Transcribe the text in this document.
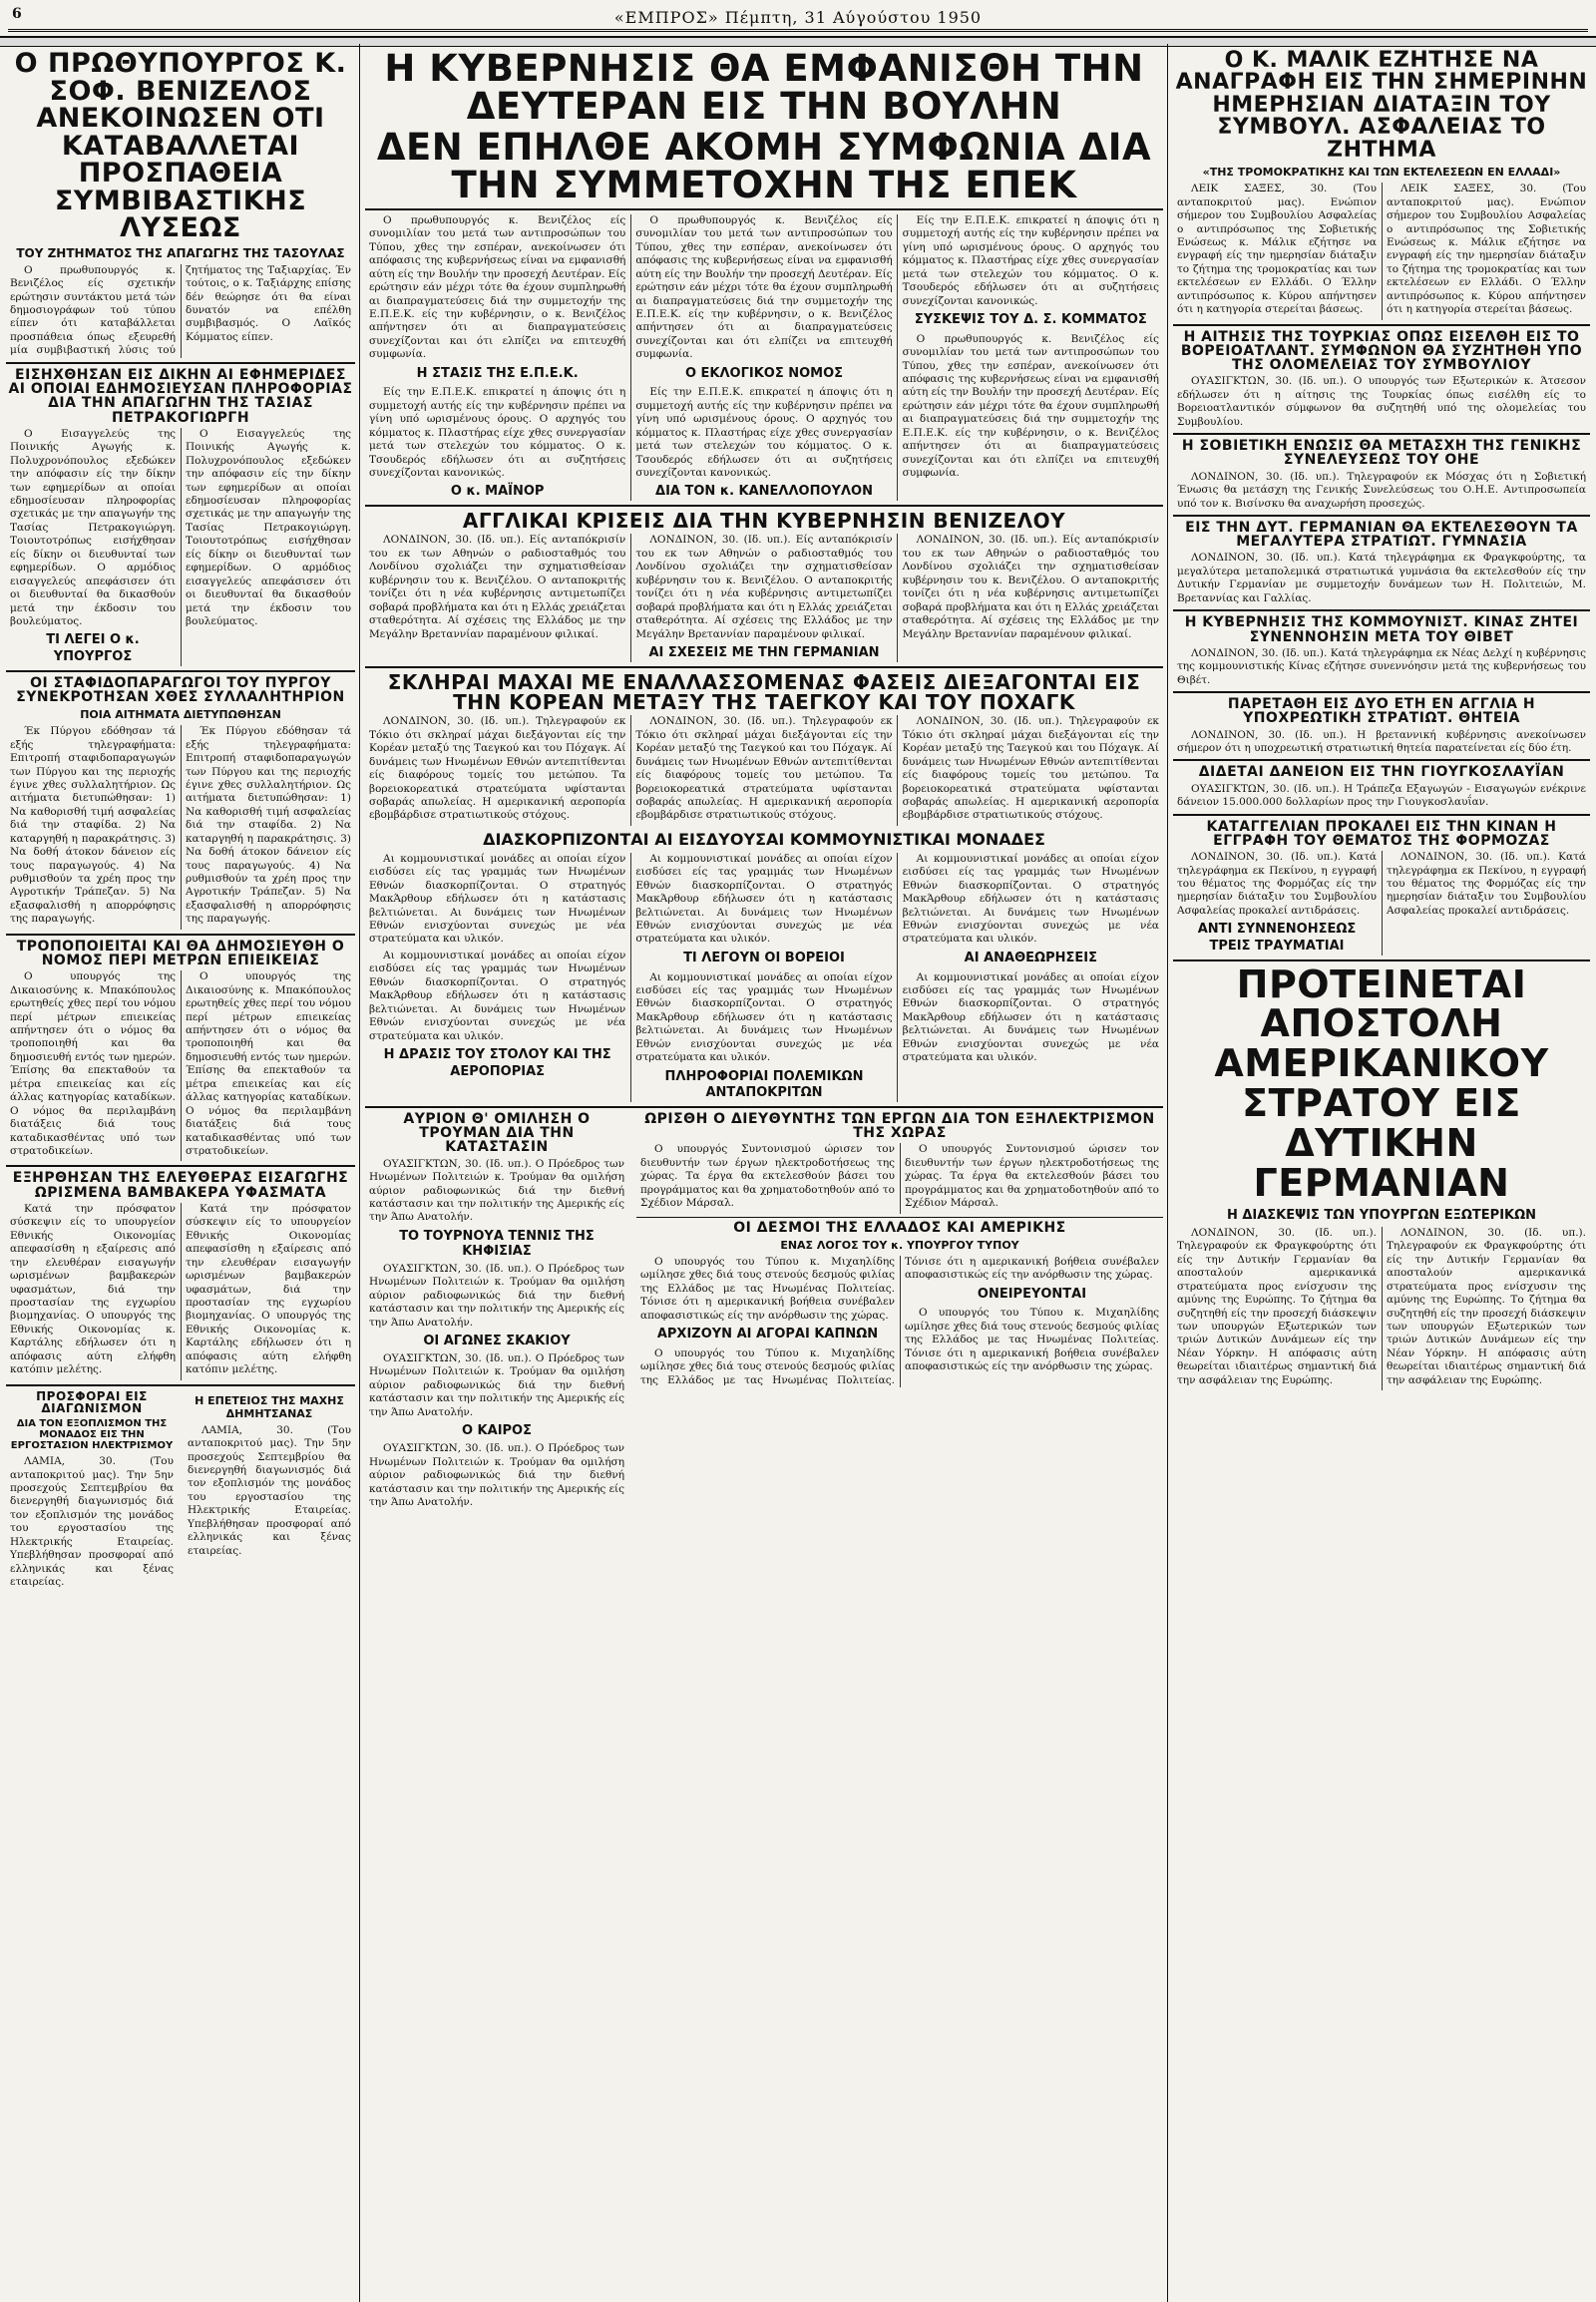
6	«ΕΜΠΡΟΣ» Πέμπτη, 31 Αύγούστου 1950
Ο ΠΡΩΘΥΠΟΥΡΓΟΣ Κ. ΣΟΦ. ΒΕΝΙΖΕΛΟΣ ΑΝΕΚΟΙΝΩΣΕΝ ΟΤΙ ΚΑΤΑΒΑΛΛΕΤΑΙ ΠΡΟΣΠΑΘΕΙΑ ΣΥΜΒΙΒΑΣΤΙΚΗΣ ΛΥΣΕΩΣ
ΤΟΥ ΖΗΤΗΜΑΤΟΣ ΤΗΣ ΑΠΑΓΩΓΗΣ ΤΗΣ ΤΑΣΟΥΛΑΣ

Ο πρωθυπουργός κ. Βενιζέλος είς σχετικήν ερώτησιν συντάκτου μετά τών δημοσιογράφων τού τύπου είπεν ότι καταβάλλεται προσπάθεια όπως εξευρεθή μία συμβιβαστική λύσις τού ζητήματος της Ταξιαρχίας. Έν τούτοις, ο κ. Ταξιάρχης επίσης δέν θεώρησε ότι θα είναι δυνατόν να επέλθη συμβιβασμός. Ο Λαϊκός Κόμματος είπεν.

ΕΙΣΗΧΘΗΣΑΝ ΕΙΣ ΔΙΚΗΝ ΑΙ ΕΦΗΜΕΡΙΔΕΣ ΑΙ ΟΠΟΙΑΙ ΕΔΗΜΟΣΙΕΥΣΑΝ ΠΛΗΡΟΦΟΡΙΑΣ ΔΙΑ ΤΗΝ ΑΠΑΓΩΓΗΝ ΤΗΣ ΤΑΣΙΑΣ ΠΕΤΡΑΚΟΓΙΩΡΓΗ

Ο Εισαγγελεύς της Ποινικής Αγωγής κ. Πολυχρονόπουλος εξεδώκεν την απόφασιν είς την δίκην των εφημερίδων αι οποίαι εδημοσίευσαν πληροφορίας σχετικάς με την απαγωγήν της Τασίας Πετρακογιώργη. Τοιουτοτρόπως εισήχθησαν είς δίκην οι διευθυνταί των εφημερίδων. Ο αρμόδιος εισαγγελεύς απεφάσισεν ότι οι διευθυνταί θα δικασθούν μετά την έκδοσιν του βουλεύματος.

ΤΙ ΛΕΓΕΙ Ο κ. ΥΠΟΥΡΓΟΣ

Ο Εισαγγελεύς της Ποινικής Αγωγής κ. Πολυχρονόπουλος εξεδώκεν την απόφασιν είς την δίκην των εφημερίδων αι οποίαι εδημοσίευσαν πληροφορίας σχετικάς με την απαγωγήν της Τασίας Πετρακογιώργη. Τοιουτοτρόπως εισήχθησαν είς δίκην οι διευθυνταί των εφημερίδων. Ο αρμόδιος εισαγγελεύς απεφάσισεν ότι οι διευθυνταί θα δικασθούν μετά την έκδοσιν του βουλεύματος.

ΟΙ ΣΤΑΦΙΔΟΠΑΡΑΓΩΓΟΙ ΤΟΥ ΠΥΡΓΟΥ ΣΥΝΕΚΡΟΤΗΣΑΝ ΧΘΕΣ ΣΥΛΛΑΛΗΤΗΡΙΟΝ
ΠΟΙΑ ΑΙΤΗΜΑΤΑ ΔΙΕΤΥΠΩΘΗΣΑΝ

Έκ Πύργου εδόθησαν τά εξής τηλεγραφήματα: Επιτροπή σταφιδοπαραγωγών των Πύργου και της περιοχής έγινε χθες συλλαλητήριον. Ως αιτήματα διετυπώθησαν: 1) Να καθορισθή τιμή ασφαλείας διά την σταφίδα. 2) Να καταργηθή η παρακράτησις. 3) Να δοθή άτοκον δάνειον είς τους παραγωγούς. 4) Να ρυθμισθούν τα χρέη προς την Αγροτικήν Τράπεζαν. 5) Να εξασφαλισθή η απορρόφησις της παραγωγής.

Έκ Πύργου εδόθησαν τά εξής τηλεγραφήματα: Επιτροπή σταφιδοπαραγωγών των Πύργου και της περιοχής έγινε χθες συλλαλητήριον. Ως αιτήματα διετυπώθησαν: 1) Να καθορισθή τιμή ασφαλείας διά την σταφίδα. 2) Να καταργηθή η παρακράτησις. 3) Να δοθή άτοκον δάνειον είς τους παραγωγούς. 4) Να ρυθμισθούν τα χρέη προς την Αγροτικήν Τράπεζαν. 5) Να εξασφαλισθή η απορρόφησις της παραγωγής.

ΤΡΟΠΟΠΟΙΕΙΤΑΙ ΚΑΙ ΘΑ ΔΗΜΟΣΙΕΥΘΗ Ο ΝΟΜΟΣ ΠΕΡΙ ΜΕΤΡΩΝ ΕΠΙΕΙΚΕΙΑΣ

Ο υπουργός της Δικαιοσύνης κ. Μπακόπουλος ερωτηθείς χθες περί του νόμου περί μέτρων επιεικείας απήντησεν ότι ο νόμος θα τροποποιηθή και θα δημοσιευθή εντός των ημερών. Έπίσης θα επεκταθούν τα μέτρα επιεικείας και είς άλλας κατηγορίας καταδίκων. Ο νόμος θα περιλαμβάνη διατάξεις διά τους καταδικασθέντας υπό των στρατοδικείων.

Ο υπουργός της Δικαιοσύνης κ. Μπακόπουλος ερωτηθείς χθες περί του νόμου περί μέτρων επιεικείας απήντησεν ότι ο νόμος θα τροποποιηθή και θα δημοσιευθή εντός των ημερών. Έπίσης θα επεκταθούν τα μέτρα επιεικείας και είς άλλας κατηγορίας καταδίκων. Ο νόμος θα περιλαμβάνη διατάξεις διά τους καταδικασθέντας υπό των στρατοδικείων.

ΕΞΗΡΘΗΣΑΝ ΤΗΣ ΕΛΕΥΘΕΡΑΣ ΕΙΣΑΓΩΓΗΣ ΩΡΙΣΜΕΝΑ ΒΑΜΒΑΚΕΡΑ ΥΦΑΣΜΑΤΑ

Κατά την πρόσφατον σύσκεψιν είς το υπουργείον Εθνικής Οικονομίας απεφασίσθη η εξαίρεσις από την ελευθέραν εισαγωγήν ωρισμένων βαμβακερών υφασμάτων, διά την προστασίαν της εγχωρίου βιομηχανίας. Ο υπουργός της Εθνικής Οικονομίας κ. Καρτάλης εδήλωσεν ότι η απόφασις αύτη ελήφθη κατόπιν μελέτης.

Κατά την πρόσφατον σύσκεψιν είς το υπουργείον Εθνικής Οικονομίας απεφασίσθη η εξαίρεσις από την ελευθέραν εισαγωγήν ωρισμένων βαμβακερών υφασμάτων, διά την προστασίαν της εγχωρίου βιομηχανίας. Ο υπουργός της Εθνικής Οικονομίας κ. Καρτάλης εδήλωσεν ότι η απόφασις αύτη ελήφθη κατόπιν μελέτης.

ΠΡΟΣΦΟΡΑΙ ΕΙΣ ΔΙΑΓΩΝΙΣΜΟΝ
ΔΙΑ ΤΟΝ ΕΞΟΠΛΙΣΜΟΝ ΤΗΣ ΜΟΝΑΔΟΣ ΕΙΣ ΤΗΝ ΕΡΓΟΣΤΑΣΙΟΝ ΗΛΕΚΤΡΙΣΜΟΥ

ΛΑΜΙΑ, 30. (Του ανταποκριτού μας). Την 5ην προσεχούς Σεπτεμβρίου θα διενεργηθή διαγωνισμός διά τον εξοπλισμόν της μονάδος του εργοστασίου της Ηλεκτρικής Εταιρείας. Υπεβλήθησαν προσφοραί από ελληνικάς και ξένας εταιρείας.

Η ΕΠΕΤΕΙΟΣ ΤΗΣ ΜΑΧΗΣ ΔΗΜΗΤΣΑΝΑΣ

ΛΑΜΙΑ, 30. (Του ανταποκριτού μας). Την 5ην προσεχούς Σεπτεμβρίου θα διενεργηθή διαγωνισμός διά τον εξοπλισμόν της μονάδος του εργοστασίου της Ηλεκτρικής Εταιρείας. Υπεβλήθησαν προσφοραί από ελληνικάς και ξένας εταιρείας.

Η ΚΥΒΕΡΝΗΣΙΣ ΘΑ ΕΜΦΑΝΙΣΘΗ ΤΗΝ ΔΕΥΤΕΡΑΝ ΕΙΣ ΤΗΝ ΒΟΥΛΗΝ
ΔΕΝ ΕΠΗΛΘΕ ΑΚΟΜΗ ΣΥΜΦΩΝΙΑ ΔΙΑ ΤΗΝ ΣΥΜΜΕΤΟΧΗΝ ΤΗΣ ΕΠΕΚ

Ο πρωθυπουργός κ. Βενιζέλος είς συνομιλίαν του μετά των αντιπροσώπων του Τύπου, χθες την εσπέραν, ανεκοίνωσεν ότι απόφασις της κυβερνήσεως είναι να εμφανισθή αύτη είς την Βουλήν την προσεχή Δευτέραν. Είς ερώτησιν εάν μέχρι τότε θα έχουν συμπληρωθή αι διαπραγματεύσεις διά την συμμετοχήν της Ε.Π.Ε.Κ. είς την κυβέρνησιν, ο κ. Βενιζέλος απήντησεν ότι αι διαπραγματεύσεις συνεχίζονται και ότι ελπίζει να επιτευχθή συμφωνία.

Η ΣΤΑΣΙΣ ΤΗΣ Ε.Π.Ε.Κ.

Είς την Ε.Π.Ε.Κ. επικρατεί η άποψις ότι η συμμετοχή αυτής είς την κυβέρνησιν πρέπει να γίνη υπό ωρισμένους όρους. Ο αρχηγός του κόμματος κ. Πλαστήρας είχε χθες συνεργασίαν μετά των στελεχών του κόμματος. Ο κ. Τσουδερός εδήλωσεν ότι αι συζητήσεις συνεχίζονται κανονικώς.

Ο κ. ΜΑΪΝΟΡ

Ο πρωθυπουργός κ. Βενιζέλος είς συνομιλίαν του μετά των αντιπροσώπων του Τύπου, χθες την εσπέραν, ανεκοίνωσεν ότι απόφασις της κυβερνήσεως είναι να εμφανισθή αύτη είς την Βουλήν την προσεχή Δευτέραν. Είς ερώτησιν εάν μέχρι τότε θα έχουν συμπληρωθή αι διαπραγματεύσεις διά την συμμετοχήν της Ε.Π.Ε.Κ. είς την κυβέρνησιν, ο κ. Βενιζέλος απήντησεν ότι αι διαπραγματεύσεις συνεχίζονται και ότι ελπίζει να επιτευχθή συμφωνία.

Ο ΕΚΛΟΓΙΚΟΣ ΝΟΜΟΣ

Είς την Ε.Π.Ε.Κ. επικρατεί η άποψις ότι η συμμετοχή αυτής είς την κυβέρνησιν πρέπει να γίνη υπό ωρισμένους όρους. Ο αρχηγός του κόμματος κ. Πλαστήρας είχε χθες συνεργασίαν μετά των στελεχών του κόμματος. Ο κ. Τσουδερός εδήλωσεν ότι αι συζητήσεις συνεχίζονται κανονικώς.

ΔΙΑ ΤΟΝ κ. ΚΑΝΕΛΛΟΠΟΥΛΟΝ

Είς την Ε.Π.Ε.Κ. επικρατεί η άποψις ότι η συμμετοχή αυτής είς την κυβέρνησιν πρέπει να γίνη υπό ωρισμένους όρους. Ο αρχηγός του κόμματος κ. Πλαστήρας είχε χθες συνεργασίαν μετά των στελεχών του κόμματος. Ο κ. Τσουδερός εδήλωσεν ότι αι συζητήσεις συνεχίζονται κανονικώς.

ΣΥΣΚΕΨΙΣ ΤΟΥ Δ. Σ. ΚΟΜΜΑΤΟΣ

Ο πρωθυπουργός κ. Βενιζέλος είς συνομιλίαν του μετά των αντιπροσώπων του Τύπου, χθες την εσπέραν, ανεκοίνωσεν ότι απόφασις της κυβερνήσεως είναι να εμφανισθή αύτη είς την Βουλήν την προσεχή Δευτέραν. Είς ερώτησιν εάν μέχρι τότε θα έχουν συμπληρωθή αι διαπραγματεύσεις διά την συμμετοχήν της Ε.Π.Ε.Κ. είς την κυβέρνησιν, ο κ. Βενιζέλος απήντησεν ότι αι διαπραγματεύσεις συνεχίζονται και ότι ελπίζει να επιτευχθή συμφωνία.

ΑΓΓΛΙΚΑΙ ΚΡΙΣΕΙΣ ΔΙΑ ΤΗΝ ΚΥΒΕΡΝΗΣΙΝ ΒΕΝΙΖΕΛΟΥ

ΛΟΝΔΙΝΟΝ, 30. (Ιδ. υπ.). Είς ανταπόκρισίν του εκ των Αθηνών ο ραδιοσταθμός του Λονδίνου σχολιάζει την σχηματισθείσαν κυβέρνησιν του κ. Βενιζέλου. Ο ανταποκριτής τονίζει ότι η νέα κυβέρνησις αντιμετωπίζει σοβαρά προβλήματα και ότι η Ελλάς χρειάζεται σταθερότητα. Αί σχέσεις της Ελλάδος με την Μεγάλην Βρεταννίαν παραμένουν φιλικαί.

ΛΟΝΔΙΝΟΝ, 30. (Ιδ. υπ.). Είς ανταπόκρισίν του εκ των Αθηνών ο ραδιοσταθμός του Λονδίνου σχολιάζει την σχηματισθείσαν κυβέρνησιν του κ. Βενιζέλου. Ο ανταποκριτής τονίζει ότι η νέα κυβέρνησις αντιμετωπίζει σοβαρά προβλήματα και ότι η Ελλάς χρειάζεται σταθερότητα. Αί σχέσεις της Ελλάδος με την Μεγάλην Βρεταννίαν παραμένουν φιλικαί.

ΑΙ ΣΧΕΣΕΙΣ ΜΕ ΤΗΝ ΓΕΡΜΑΝΙΑΝ

ΛΟΝΔΙΝΟΝ, 30. (Ιδ. υπ.). Είς ανταπόκρισίν του εκ των Αθηνών ο ραδιοσταθμός του Λονδίνου σχολιάζει την σχηματισθείσαν κυβέρνησιν του κ. Βενιζέλου. Ο ανταποκριτής τονίζει ότι η νέα κυβέρνησις αντιμετωπίζει σοβαρά προβλήματα και ότι η Ελλάς χρειάζεται σταθερότητα. Αί σχέσεις της Ελλάδος με την Μεγάλην Βρεταννίαν παραμένουν φιλικαί.

ΣΚΛΗΡΑΙ ΜΑΧΑΙ ΜΕ ΕΝΑΛΛΑΣΣΟΜΕΝΑΣ ΦΑΣΕΙΣ ΔΙΕΞΑΓΟΝΤΑΙ ΕΙΣ ΤΗΝ ΚΟΡΕΑΝ ΜΕΤΑΞΥ ΤΗΣ ΤΑΕΓΚΟΥ ΚΑΙ ΤΟΥ ΠΟΧΑΓΚ

ΛΟΝΔΙΝΟΝ, 30. (Ιδ. υπ.). Τηλεγραφούν εκ Τόκιο ότι σκληραί μάχαι διεξάγονται είς την Κορέαν μεταξύ της Ταεγκού και του Πόχαγκ. Αί δυνάμεις των Ηνωμένων Εθνών αντεπιτίθενται είς διαφόρους τομείς του μετώπου. Τα βορειοκορεατικά στρατεύματα υφίστανται σοβαράς απωλείας. Η αμερικανική αεροπορία εβομβάρδισε στρατιωτικούς στόχους.

ΛΟΝΔΙΝΟΝ, 30. (Ιδ. υπ.). Τηλεγραφούν εκ Τόκιο ότι σκληραί μάχαι διεξάγονται είς την Κορέαν μεταξύ της Ταεγκού και του Πόχαγκ. Αί δυνάμεις των Ηνωμένων Εθνών αντεπιτίθενται είς διαφόρους τομείς του μετώπου. Τα βορειοκορεατικά στρατεύματα υφίστανται σοβαράς απωλείας. Η αμερικανική αεροπορία εβομβάρδισε στρατιωτικούς στόχους.

ΛΟΝΔΙΝΟΝ, 30. (Ιδ. υπ.). Τηλεγραφούν εκ Τόκιο ότι σκληραί μάχαι διεξάγονται είς την Κορέαν μεταξύ της Ταεγκού και του Πόχαγκ. Αί δυνάμεις των Ηνωμένων Εθνών αντεπιτίθενται είς διαφόρους τομείς του μετώπου. Τα βορειοκορεατικά στρατεύματα υφίστανται σοβαράς απωλείας. Η αμερικανική αεροπορία εβομβάρδισε στρατιωτικούς στόχους.

ΔΙΑΣΚΟΡΠΙΖΟΝΤΑΙ ΑΙ ΕΙΣΔΥΟΥΣΑΙ ΚΟΜΜΟΥΝΙΣΤΙΚΑΙ ΜΟΝΑΔΕΣ

Αι κομμουνιστικαί μονάδες αι οποίαι είχον εισδύσει είς τας γραμμάς των Ηνωμένων Εθνών διασκορπίζονται. Ο στρατηγός ΜακΆρθουρ εδήλωσεν ότι η κατάστασις βελτιώνεται. Αι δυνάμεις των Ηνωμένων Εθνών ενισχύονται συνεχώς με νέα στρατεύματα και υλικόν.

Αι κομμουνιστικαί μονάδες αι οποίαι είχον εισδύσει είς τας γραμμάς των Ηνωμένων Εθνών διασκορπίζονται. Ο στρατηγός ΜακΆρθουρ εδήλωσεν ότι η κατάστασις βελτιώνεται. Αι δυνάμεις των Ηνωμένων Εθνών ενισχύονται συνεχώς με νέα στρατεύματα και υλικόν.

Η ΔΡΑΣΙΣ ΤΟΥ ΣΤΟΛΟΥ ΚΑΙ ΤΗΣ ΑΕΡΟΠΟΡΙΑΣ

Αι κομμουνιστικαί μονάδες αι οποίαι είχον εισδύσει είς τας γραμμάς των Ηνωμένων Εθνών διασκορπίζονται. Ο στρατηγός ΜακΆρθουρ εδήλωσεν ότι η κατάστασις βελτιώνεται. Αι δυνάμεις των Ηνωμένων Εθνών ενισχύονται συνεχώς με νέα στρατεύματα και υλικόν.

ΤΙ ΛΕΓΟΥΝ ΟΙ ΒΟΡΕΙΟΙ

Αι κομμουνιστικαί μονάδες αι οποίαι είχον εισδύσει είς τας γραμμάς των Ηνωμένων Εθνών διασκορπίζονται. Ο στρατηγός ΜακΆρθουρ εδήλωσεν ότι η κατάστασις βελτιώνεται. Αι δυνάμεις των Ηνωμένων Εθνών ενισχύονται συνεχώς με νέα στρατεύματα και υλικόν.

ΠΛΗΡΟΦΟΡΙΑΙ ΠΟΛΕΜΙΚΩΝ ΑΝΤΑΠΟΚΡΙΤΩΝ

Αι κομμουνιστικαί μονάδες αι οποίαι είχον εισδύσει είς τας γραμμάς των Ηνωμένων Εθνών διασκορπίζονται. Ο στρατηγός ΜακΆρθουρ εδήλωσεν ότι η κατάστασις βελτιώνεται. Αι δυνάμεις των Ηνωμένων Εθνών ενισχύονται συνεχώς με νέα στρατεύματα και υλικόν.

ΑΙ ΑΝΑΘΕΩΡΗΣΕΙΣ

Αι κομμουνιστικαί μονάδες αι οποίαι είχον εισδύσει είς τας γραμμάς των Ηνωμένων Εθνών διασκορπίζονται. Ο στρατηγός ΜακΆρθουρ εδήλωσεν ότι η κατάστασις βελτιώνεται. Αι δυνάμεις των Ηνωμένων Εθνών ενισχύονται συνεχώς με νέα στρατεύματα και υλικόν.

ΑΥΡΙΟΝ Θ' ΟΜΙΛΗΣΗ Ο ΤΡΟΥΜΑΝ ΔΙΑ ΤΗΝ ΚΑΤΑΣΤΑΣΙΝ

ΟΥΑΣΙΓΚΤΩΝ, 30. (Ιδ. υπ.). Ο Πρόεδρος των Ηνωμένων Πολιτειών κ. Τρούμαν θα ομιλήση αύριον ραδιοφωνικώς διά την διεθνή κατάστασιν και την πολιτικήν της Αμερικής είς την Άπω Ανατολήν.

ΤΟ ΤΟΥΡΝΟΥΑ ΤΕΝΝΙΣ ΤΗΣ ΚΗΦΙΣΙΑΣ

ΟΥΑΣΙΓΚΤΩΝ, 30. (Ιδ. υπ.). Ο Πρόεδρος των Ηνωμένων Πολιτειών κ. Τρούμαν θα ομιλήση αύριον ραδιοφωνικώς διά την διεθνή κατάστασιν και την πολιτικήν της Αμερικής είς την Άπω Ανατολήν.

ΟΙ ΑΓΩΝΕΣ ΣΚΑΚΙΟΥ

ΟΥΑΣΙΓΚΤΩΝ, 30. (Ιδ. υπ.). Ο Πρόεδρος των Ηνωμένων Πολιτειών κ. Τρούμαν θα ομιλήση αύριον ραδιοφωνικώς διά την διεθνή κατάστασιν και την πολιτικήν της Αμερικής είς την Άπω Ανατολήν.

Ο ΚΑΙΡΟΣ

ΟΥΑΣΙΓΚΤΩΝ, 30. (Ιδ. υπ.). Ο Πρόεδρος των Ηνωμένων Πολιτειών κ. Τρούμαν θα ομιλήση αύριον ραδιοφωνικώς διά την διεθνή κατάστασιν και την πολιτικήν της Αμερικής είς την Άπω Ανατολήν.

ΩΡΙΣΘΗ Ο ΔΙΕΥΘΥΝΤΗΣ ΤΩΝ ΕΡΓΩΝ ΔΙΑ ΤΟΝ ΕΞΗΛΕΚΤΡΙΣΜΟΝ ΤΗΣ ΧΩΡΑΣ

Ο υπουργός Συντονισμού ώρισεν τον διευθυντήν των έργων ηλεκτροδοτήσεως της χώρας. Τα έργα θα εκτελεσθούν βάσει του προγράμματος και θα χρηματοδοτηθούν από το Σχέδιον Μάρσαλ.

Ο υπουργός Συντονισμού ώρισεν τον διευθυντήν των έργων ηλεκτροδοτήσεως της χώρας. Τα έργα θα εκτελεσθούν βάσει του προγράμματος και θα χρηματοδοτηθούν από το Σχέδιον Μάρσαλ.

ΟΙ ΔΕΣΜΟΙ ΤΗΣ ΕΛΛΑΔΟΣ ΚΑΙ ΑΜΕΡΙΚΗΣ
ΕΝΑΣ ΛΟΓΟΣ ΤΟΥ κ. ΥΠΟΥΡΓΟΥ ΤΥΠΟΥ

Ο υπουργός του Τύπου κ. Μιχαηλίδης ωμίλησε χθες διά τους στενούς δεσμούς φιλίας της Ελλάδος με τας Ηνωμένας Πολιτείας. Τόνισε ότι η αμερικανική βοήθεια συνέβαλεν αποφασιστικώς είς την ανόρθωσιν της χώρας.

ΑΡΧΙΖΟΥΝ ΑΙ ΑΓΟΡΑΙ ΚΑΠΝΩΝ

Ο υπουργός του Τύπου κ. Μιχαηλίδης ωμίλησε χθες διά τους στενούς δεσμούς φιλίας της Ελλάδος με τας Ηνωμένας Πολιτείας. Τόνισε ότι η αμερικανική βοήθεια συνέβαλεν αποφασιστικώς είς την ανόρθωσιν της χώρας.

ΟΝΕΙΡΕΥΟΝΤΑΙ

Ο υπουργός του Τύπου κ. Μιχαηλίδης ωμίλησε χθες διά τους στενούς δεσμούς φιλίας της Ελλάδος με τας Ηνωμένας Πολιτείας. Τόνισε ότι η αμερικανική βοήθεια συνέβαλεν αποφασιστικώς είς την ανόρθωσιν της χώρας.

Ο Κ. ΜΑΛΙΚ ΕΖΗΤΗΣΕ ΝΑ ΑΝΑΓΡΑΦΗ ΕΙΣ ΤΗΝ ΣΗΜΕΡΙΝΗΝ ΗΜΕΡΗΣΙΑΝ ΔΙΑΤΑΞΙΝ ΤΟΥ ΣΥΜΒΟΥΛ. ΑΣΦΑΛΕΙΑΣ ΤΟ ΖΗΤΗΜΑ
«ΤΗΣ ΤΡΟΜΟΚΡΑΤΙΚΗΣ ΚΑΙ ΤΩΝ ΕΚΤΕΛΕΣΕΩΝ ΕΝ ΕΛΛΑΔΙ»

ΛΕΙΚ ΣΑΞΕΣ, 30. (Του ανταποκριτού μας). Ενώπιον σήμερον του Συμβουλίου Ασφαλείας ο αντιπρόσωπος της Σοβιετικής Ενώσεως κ. Μάλικ εζήτησε να ενγραφή είς την ημερησίαν διάταξιν το ζήτημα της τρομοκρατίας και των εκτελέσεων εν Ελλάδι. Ο Έλλην αντιπρόσωπος κ. Κύρου απήντησεν ότι η κατηγορία στερείται βάσεως.

ΛΕΙΚ ΣΑΞΕΣ, 30. (Του ανταποκριτού μας). Ενώπιον σήμερον του Συμβουλίου Ασφαλείας ο αντιπρόσωπος της Σοβιετικής Ενώσεως κ. Μάλικ εζήτησε να ενγραφή είς την ημερησίαν διάταξιν το ζήτημα της τρομοκρατίας και των εκτελέσεων εν Ελλάδι. Ο Έλλην αντιπρόσωπος κ. Κύρου απήντησεν ότι η κατηγορία στερείται βάσεως.

Η ΑΙΤΗΣΙΣ ΤΗΣ ΤΟΥΡΚΙΑΣ ΟΠΩΣ ΕΙΣΕΛΘΗ ΕΙΣ ΤΟ ΒΟΡΕΙΟΑΤΛΑΝΤ. ΣΥΜΦΩΝΟΝ ΘΑ ΣΥΖΗΤΗΘΗ ΥΠΟ ΤΗΣ ΟΛΟΜΕΛΕΙΑΣ ΤΟΥ ΣΥΜΒΟΥΛΙΟΥ

ΟΥΑΣΙΓΚΤΩΝ, 30. (Ιδ. υπ.). Ο υπουργός των Εξωτερικών κ. Άτσεσον εδήλωσεν ότι η αίτησις της Τουρκίας όπως εισέλθη είς το Βορειοατλαντικόν σύμφωνον θα συζητηθή υπό της ολομελείας του Συμβουλίου.

Η ΣΟΒΙΕΤΙΚΗ ΕΝΩΣΙΣ ΘΑ ΜΕΤΑΣΧΗ ΤΗΣ ΓΕΝΙΚΗΣ ΣΥΝΕΛΕΥΣΕΩΣ ΤΟΥ ΟΗΕ

ΛΟΝΔΙΝΟΝ, 30. (Ιδ. υπ.). Τηλεγραφούν εκ Μόσχας ότι η Σοβιετική Ένωσις θα μετάσχη της Γενικής Συνελεύσεως του Ο.Η.Ε. Αντιπροσωπεία υπό τον κ. Βισίνσκυ θα αναχωρήση προσεχώς.

ΕΙΣ ΤΗΝ ΔΥΤ. ΓΕΡΜΑΝΙΑΝ ΘΑ ΕΚΤΕΛΕΣΘΟΥΝ ΤΑ ΜΕΓΑΛΥΤΕΡΑ ΣΤΡΑΤΙΩΤ. ΓΥΜΝΑΣΙΑ

ΛΟΝΔΙΝΟΝ, 30. (Ιδ. υπ.). Κατά τηλεγράφημα εκ Φραγκφούρτης, τα μεγαλύτερα μεταπολεμικά στρατιωτικά γυμνάσια θα εκτελεσθούν είς την Δυτικήν Γερμανίαν με συμμετοχήν δυνάμεων των Η. Πολιτειών, Μ. Βρεταννίας και Γαλλίας.

Η ΚΥΒΕΡΝΗΣΙΣ ΤΗΣ ΚΟΜΜΟΥΝΙΣΤ. ΚΙΝΑΣ ΖΗΤΕΙ ΣΥΝΕΝΝΟΗΣΙΝ ΜΕΤΑ ΤΟΥ ΘΙΒΕΤ

ΛΟΝΔΙΝΟΝ, 30. (Ιδ. υπ.). Κατά τηλεγράφημα εκ Νέας Δελχί η κυβέρνησις της κομμουνιστικής Κίνας εζήτησε συνεννόησιν μετά της κυβερνήσεως του Θιβέτ.

ΠΑΡΕΤΑΘΗ ΕΙΣ ΔΥΟ ΕΤΗ ΕΝ ΑΓΓΛΙΑ Η ΥΠΟΧΡΕΩΤΙΚΗ ΣΤΡΑΤΙΩΤ. ΘΗΤΕΙΑ

ΛΟΝΔΙΝΟΝ, 30. (Ιδ. υπ.). Η βρεταννική κυβέρνησις ανεκοίνωσεν σήμερον ότι η υποχρεωτική στρατιωτική θητεία παρατείνεται είς δύο έτη.

ΔΙΔΕΤΑΙ ΔΑΝΕΙΟΝ ΕΙΣ ΤΗΝ ΓΙΟΥΓΚΟΣΛΑΥΪΑΝ

ΟΥΑΣΙΓΚΤΩΝ, 30. (Ιδ. υπ.). Η Τράπεζα Εξαγωγών - Εισαγωγών ενέκρινε δάνειον 15.000.000 δολλαρίων προς την Γιουγκοσλαυΐαν.

ΚΑΤΑΓΓΕΛΙΑΝ ΠΡΟΚΑΛΕΙ ΕΙΣ ΤΗΝ ΚΙΝΑΝ Η ΕΓΓΡΑΦΗ ΤΟΥ ΘΕΜΑΤΟΣ ΤΗΣ ΦΟΡΜΟΖΑΣ

ΛΟΝΔΙΝΟΝ, 30. (Ιδ. υπ.). Κατά τηλεγράφημα εκ Πεκίνου, η εγγραφή του θέματος της Φορμόζας είς την ημερησίαν διάταξιν του Συμβουλίου Ασφαλείας προκαλεί αντιδράσεις.

ΑΝΤΙ ΣΥΝΝΕΝΟΗΣΕΩΣ ΤΡΕΙΣ ΤΡΑΥΜΑΤΙΑΙ

ΛΟΝΔΙΝΟΝ, 30. (Ιδ. υπ.). Κατά τηλεγράφημα εκ Πεκίνου, η εγγραφή του θέματος της Φορμόζας είς την ημερησίαν διάταξιν του Συμβουλίου Ασφαλείας προκαλεί αντιδράσεις.

ΠΡΟΤΕΙΝΕΤΑΙ ΑΠΟΣΤΟΛΗ ΑΜΕΡΙΚΑΝΙΚΟΥ ΣΤΡΑΤΟΥ ΕΙΣ ΔΥΤΙΚΗΝ ΓΕΡΜΑΝΙΑΝ
Η ΔΙΑΣΚΕΨΙΣ ΤΩΝ ΥΠΟΥΡΓΩΝ ΕΞΩΤΕΡΙΚΩΝ

ΛΟΝΔΙΝΟΝ, 30. (Ιδ. υπ.). Τηλεγραφούν εκ Φραγκφούρτης ότι είς την Δυτικήν Γερμανίαν θα αποσταλούν αμερικανικά στρατεύματα προς ενίσχυσιν της αμύνης της Ευρώπης. Το ζήτημα θα συζητηθή είς την προσεχή διάσκεψιν των υπουργών Εξωτερικών των τριών Δυτικών Δυνάμεων είς την Νέαν Υόρκην. Η απόφασις αύτη θεωρείται ιδιαιτέρως σημαντική διά την ασφάλειαν της Ευρώπης.

ΛΟΝΔΙΝΟΝ, 30. (Ιδ. υπ.). Τηλεγραφούν εκ Φραγκφούρτης ότι είς την Δυτικήν Γερμανίαν θα αποσταλούν αμερικανικά στρατεύματα προς ενίσχυσιν της αμύνης της Ευρώπης. Το ζήτημα θα συζητηθή είς την προσεχή διάσκεψιν των υπουργών Εξωτερικών των τριών Δυτικών Δυνάμεων είς την Νέαν Υόρκην. Η απόφασις αύτη θεωρείται ιδιαιτέρως σημαντική διά την ασφάλειαν της Ευρώπης.
